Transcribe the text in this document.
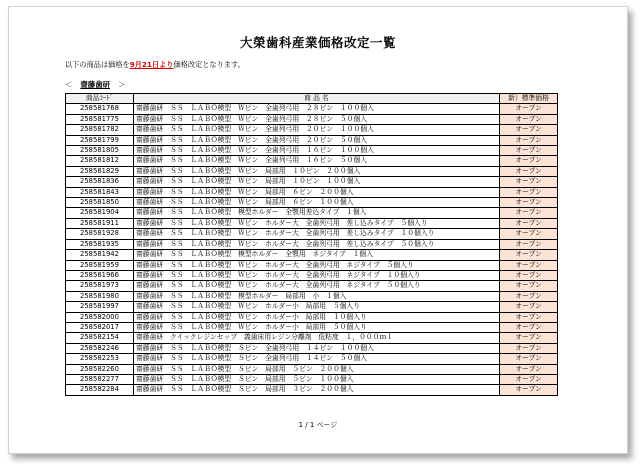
大榮歯科産業価格改定一覧
以下の商品は価格を9月21日より価格改定となります。
＜ 齋藤歯研 ＞
商品ｺｰﾄﾞ	商 品 名	新）標準価格
258581768	齋藤歯研　ＳＳ　ＬＡＢＯ模型　Ｗピン　全歯列弓用　２８ピン　１００個入	オープン
258581775	齋藤歯研　ＳＳ　ＬＡＢＯ模型　Ｗピン　全歯列弓用　２８ピン　５０個入	オープン
258581782	齋藤歯研　ＳＳ　ＬＡＢＯ模型　Ｗピン　全歯列弓用　２０ピン　１００個入	オープン
258581799	齋藤歯研　ＳＳ　ＬＡＢＯ模型　Ｗピン　全歯列弓用　２０ピン　５０個入	オープン
258581805	齋藤歯研　ＳＳ　ＬＡＢＯ模型　Ｗピン　全歯列弓用　１６ピン　１００個入	オープン
258581812	齋藤歯研　ＳＳ　ＬＡＢＯ模型　Ｗピン　全歯列弓用　１６ピン　５０個入	オープン
258581829	齋藤歯研　ＳＳ　ＬＡＢＯ模型　Ｗピン　局部用　１０ピン　２００個入	オープン
258581836	齋藤歯研　ＳＳ　ＬＡＢＯ模型　Ｗピン　局部用　１０ピン　１００個入	オープン
258581843	齋藤歯研　ＳＳ　ＬＡＢＯ模型　Ｗピン　局部用　６ピン　２００個入	オープン
258581850	齋藤歯研　ＳＳ　ＬＡＢＯ模型　Ｗピン　局部用　６ピン　１００個入	オープン
258581904	齋藤歯研　ＳＳ　ＬＡＢＯ模型　模型ホルダー　全顎用差込タイプ　１個入	オープン
258581911	齋藤歯研　ＳＳ　ＬＡＢＯ模型　Ｗピン　ホルダー大　全歯列弓用　差し込みタイプ　５個入り	オープン
258581928	齋藤歯研　ＳＳ　ＬＡＢＯ模型　Ｗピン　ホルダー大　全歯列弓用　差し込みタイプ　１０個入り	オープン
258581935	齋藤歯研　ＳＳ　ＬＡＢＯ模型　Ｗピン　ホルダー大　全歯列弓用　差し込みタイプ　５０個入り	オープン
258581942	齋藤歯研　ＳＳ　ＬＡＢＯ模型　模型ホルダー　全顎用　ネジタイプ　１個入	オープン
258581959	齋藤歯研　ＳＳ　ＬＡＢＯ模型　Ｗピン　ホルダー大　全歯列弓用　ネジタイプ　５個入り	オープン
258581966	齋藤歯研　ＳＳ　ＬＡＢＯ模型　Ｗピン　ホルダー大　全歯列弓用　ネジタイプ　１０個入り	オープン
258581973	齋藤歯研　ＳＳ　ＬＡＢＯ模型　Ｗピン　ホルダー大　全歯列弓用　ネジタイプ　５０個入り	オープン
258581980	齋藤歯研　ＳＳ　ＬＡＢＯ模型　模型ホルダー　局部用　小　１個入	オープン
258581997	齋藤歯研　ＳＳ　ＬＡＢＯ模型　Ｗピン　ホルダー小　局部用　５個入り	オープン
258582000	齋藤歯研　ＳＳ　ＬＡＢＯ模型　Ｗピン　ホルダー小　局部用　１０個入り	オープン
258582017	齋藤歯研　ＳＳ　ＬＡＢＯ模型　Ｗピン　ホルダー小　局部用　５０個入り	オープン
258582154	齋藤歯研　クイックレジンセップ　義歯床用レジン分離剤　低粘度　１，０００ｍｌ	オープン
258582246	齋藤歯研　ＳＳ　ＬＡＢＯ模型　Ｓピン　全歯列弓用　１４ピン　１００個入	オープン
258582253	齋藤歯研　ＳＳ　ＬＡＢＯ模型　Ｓピン　全歯列弓用　１４ピン　５０個入	オープン
258582260	齋藤歯研　ＳＳ　ＬＡＢＯ模型　Ｓピン　局部用　５ピン　２００個入	オープン
258582277	齋藤歯研　ＳＳ　ＬＡＢＯ模型　Ｓピン　局部用　５ピン　１００個入	オープン
258582284	齋藤歯研　ＳＳ　ＬＡＢＯ模型　Ｓピン　局部用　３ピン　２００個入	オープン
1 / 1 ページ
